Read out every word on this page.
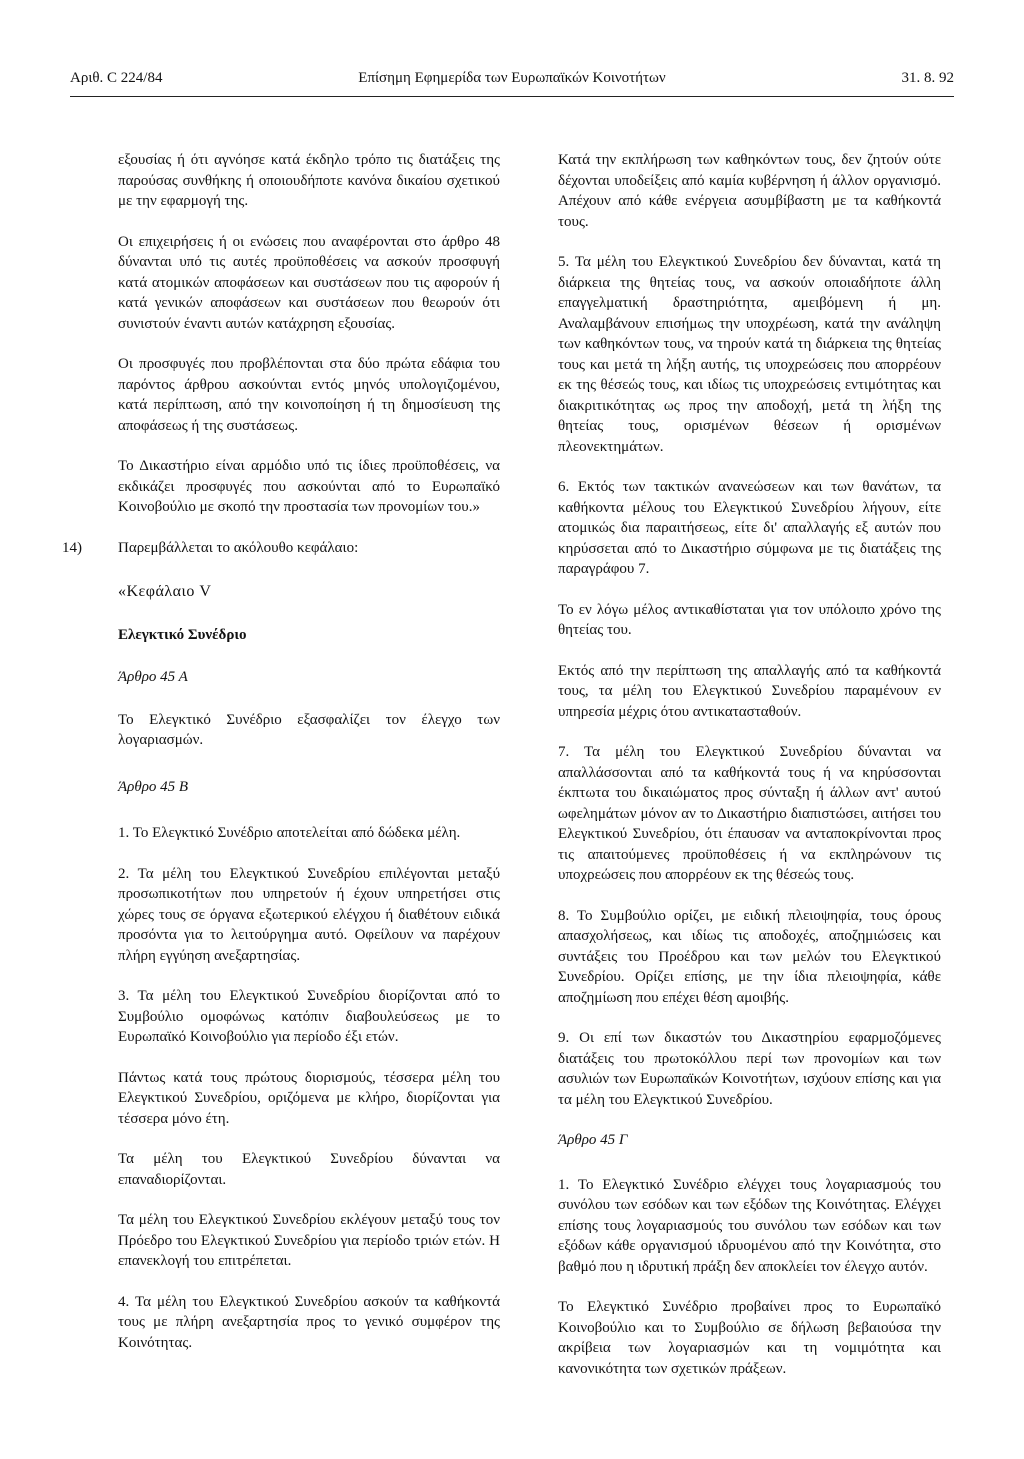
Αριθ. C 224/84	Επίσημη Εφημερίδα των Ευρωπαϊκών Κοινοτήτων	31. 8. 92

εξουσίας ή ότι αγνόησε κατά έκδηλο τρόπο τις διατάξεις της παρούσας συνθήκης ή οποιουδήποτε κανόνα δικαίου σχετικού με την εφαρμογή της.

Οι επιχειρήσεις ή οι ενώσεις που αναφέρονται στο άρθρο 48 δύνανται υπό τις αυτές προϋποθέσεις να ασκούν προσφυγή κατά ατομικών αποφάσεων και συστάσεων που τις αφορούν ή κατά γενικών αποφάσεων και συστάσεων που θεωρούν ότι συνιστούν έναντι αυτών κατάχρηση εξουσίας.

Οι προσφυγές που προβλέπονται στα δύο πρώτα εδάφια του παρόντος άρθρου ασκούνται εντός μηνός υπολογιζομένου, κατά περίπτωση, από την κοινοποίηση ή τη δημοσίευση της αποφάσεως ή της συστάσεως.

Το Δικαστήριο είναι αρμόδιο υπό τις ίδιες προϋποθέσεις, να εκδικάζει προσφυγές που ασκούνται από το Ευρωπαϊκό Κοινοβούλιο με σκοπό την προστασία των προνομίων του.»

14) Παρεμβάλλεται το ακόλουθο κεφάλαιο:

«Κεφάλαιο V

Ελεγκτικό Συνέδριο

Άρθρο 45 Α

Το Ελεγκτικό Συνέδριο εξασφαλίζει τον έλεγχο των λογαριασμών.

Άρθρο 45 Β

1. Το Ελεγκτικό Συνέδριο αποτελείται από δώδεκα μέλη.

2. Τα μέλη του Ελεγκτικού Συνεδρίου επιλέγονται μεταξύ προσωπικοτήτων που υπηρετούν ή έχουν υπηρετήσει στις χώρες τους σε όργανα εξωτερικού ελέγχου ή διαθέτουν ειδικά προσόντα για το λειτούργημα αυτό. Οφείλουν να παρέχουν πλήρη εγγύηση ανεξαρτησίας.

3. Τα μέλη του Ελεγκτικού Συνεδρίου διορίζονται από το Συμβούλιο ομοφώνως κατόπιν διαβουλεύσεως με το Ευρωπαϊκό Κοινοβούλιο για περίοδο έξι ετών.

Πάντως κατά τους πρώτους διορισμούς, τέσσερα μέλη του Ελεγκτικού Συνεδρίου, οριζόμενα με κλήρο, διορίζονται για τέσσερα μόνο έτη.

Τα μέλη του Ελεγκτικού Συνεδρίου δύνανται να επαναδιορίζονται.

Τα μέλη του Ελεγκτικού Συνεδρίου εκλέγουν μεταξύ τους τον Πρόεδρο του Ελεγκτικού Συνεδρίου για περίοδο τριών ετών. Η επανεκλογή του επιτρέπεται.

4. Τα μέλη του Ελεγκτικού Συνεδρίου ασκούν τα καθήκοντά τους με πλήρη ανεξαρτησία προς το γενικό συμφέρον της Κοινότητας.

Κατά την εκπλήρωση των καθηκόντων τους, δεν ζητούν ούτε δέχονται υποδείξεις από καμία κυβέρνηση ή άλλον οργανισμό. Απέχουν από κάθε ενέργεια ασυμβίβαστη με τα καθήκοντά τους.

5. Τα μέλη του Ελεγκτικού Συνεδρίου δεν δύνανται, κατά τη διάρκεια της θητείας τους, να ασκούν οποιαδήποτε άλλη επαγγελματική δραστηριότητα, αμειβόμενη ή μη. Αναλαμβάνουν επισήμως την υποχρέωση, κατά την ανάληψη των καθηκόντων τους, να τηρούν κατά τη διάρκεια της θητείας τους και μετά τη λήξη αυτής, τις υποχρεώσεις που απορρέουν εκ της θέσεώς τους, και ιδίως τις υποχρεώσεις εντιμότητας και διακριτικότητας ως προς την αποδοχή, μετά τη λήξη της θητείας τους, ορισμένων θέσεων ή ορισμένων πλεονεκτημάτων.

6. Εκτός των τακτικών ανανεώσεων και των θανάτων, τα καθήκοντα μέλους του Ελεγκτικού Συνεδρίου λήγουν, είτε ατομικώς δια παραιτήσεως, είτε δι' απαλλαγής εξ αυτών που κηρύσσεται από το Δικαστήριο σύμφωνα με τις διατάξεις της παραγράφου 7.

Το εν λόγω μέλος αντικαθίσταται για τον υπόλοιπο χρόνο της θητείας του.

Εκτός από την περίπτωση της απαλλαγής από τα καθήκοντά τους, τα μέλη του Ελεγκτικού Συνεδρίου παραμένουν εν υπηρεσία μέχρις ότου αντικατασταθούν.

7. Τα μέλη του Ελεγκτικού Συνεδρίου δύνανται να απαλλάσσονται από τα καθήκοντά τους ή να κηρύσσονται έκπτωτα του δικαιώματος προς σύνταξη ή άλλων αντ' αυτού ωφελημάτων μόνον αν το Δικαστήριο διαπιστώσει, αιτήσει του Ελεγκτικού Συνεδρίου, ότι έπαυσαν να ανταποκρίνονται προς τις απαιτούμενες προϋποθέσεις ή να εκπληρώνουν τις υποχρεώσεις που απορρέουν εκ της θέσεώς τους.

8. Το Συμβούλιο ορίζει, με ειδική πλειοψηφία, τους όρους απασχολήσεως, και ιδίως τις αποδοχές, αποζημιώσεις και συντάξεις του Προέδρου και των μελών του Ελεγκτικού Συνεδρίου. Ορίζει επίσης, με την ίδια πλειοψηφία, κάθε αποζημίωση που επέχει θέση αμοιβής.

9. Οι επί των δικαστών του Δικαστηρίου εφαρμοζόμενες διατάξεις του πρωτοκόλλου περί των προνομίων και των ασυλιών των Ευρωπαϊκών Κοινοτήτων, ισχύουν επίσης και για τα μέλη του Ελεγκτικού Συνεδρίου.

Άρθρο 45 Γ

1. Το Ελεγκτικό Συνέδριο ελέγχει τους λογαριασμούς του συνόλου των εσόδων και των εξόδων της Κοινότητας. Ελέγχει επίσης τους λογαριασμούς του συνόλου των εσόδων και των εξόδων κάθε οργανισμού ιδρυομένου από την Κοινότητα, στο βαθμό που η ιδρυτική πράξη δεν αποκλείει τον έλεγχο αυτόν.

Το Ελεγκτικό Συνέδριο προβαίνει προς το Ευρωπαϊκό Κοινοβούλιο και το Συμβούλιο σε δήλωση βεβαιούσα την ακρίβεια των λογαριασμών και τη νομιμότητα και κανονικότητα των σχετικών πράξεων.
